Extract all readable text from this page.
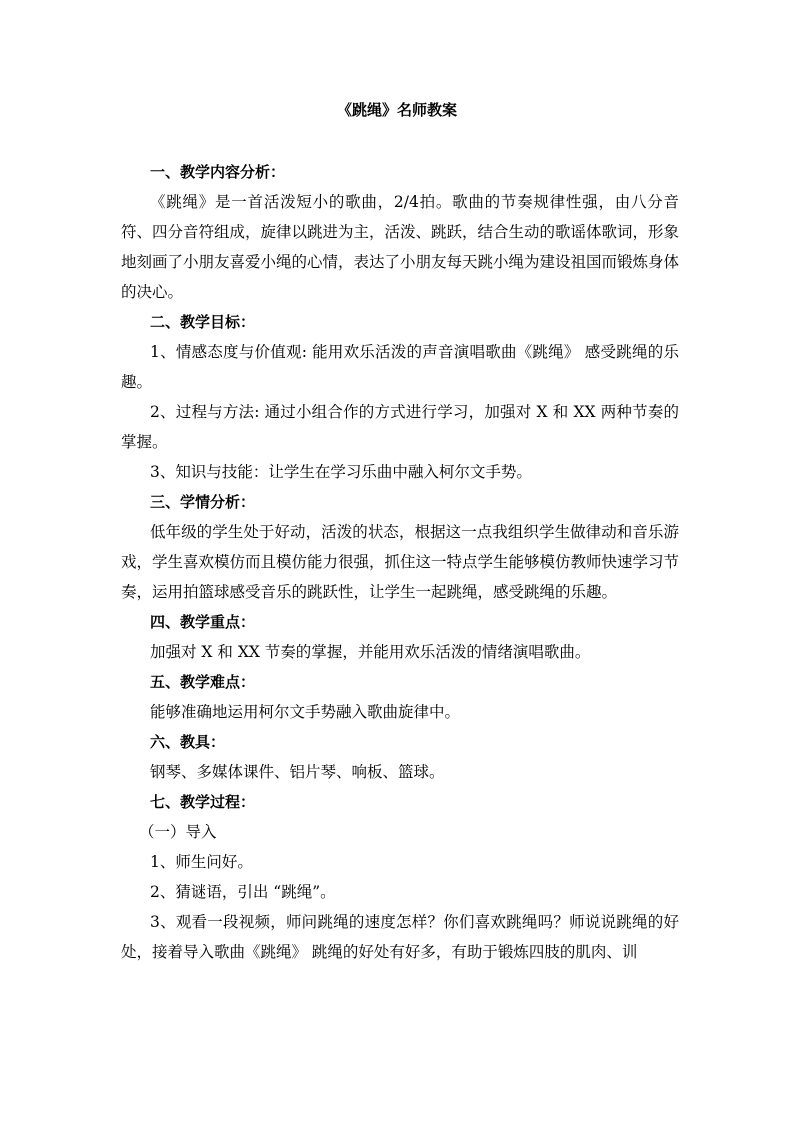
《跳绳》名师教案

一、教学内容分析：

《跳绳》是一首活泼短小的歌曲，2/4拍。歌曲的节奏规律性强，由八分音符、四分音符组成，旋律以跳进为主，活泼、跳跃，结合生动的歌谣体歌词，形象地刻画了小朋友喜爱小绳的心情，表达了小朋友每天跳小绳为建设祖国而锻炼身体的决心。

二、教学目标：

1、情感态度与价值观: 能用欢乐活泼的声音演唱歌曲《跳绳》 感受跳绳的乐趣。

2、过程与方法: 通过小组合作的方式进行学习，加强对 X 和 XX 两种节奏的掌握。

3、知识与技能：让学生在学习乐曲中融入柯尔文手势。

三、学情分析：

低年级的学生处于好动，活泼的状态，根据这一点我组织学生做律动和音乐游戏，学生喜欢模仿而且模仿能力很强，抓住这一特点学生能够模仿教师快速学习节奏，运用拍篮球感受音乐的跳跃性，让学生一起跳绳，感受跳绳的乐趣。

四、教学重点：

加强对 X 和 XX 节奏的掌握，并能用欢乐活泼的情绪演唱歌曲。

五、教学难点：

能够准确地运用柯尔文手势融入歌曲旋律中。

六、教具：

钢琴、多媒体课件、铝片琴、响板、篮球。

七、教学过程：

（一）导入

1、师生问好。

2、猜谜语，引出 “跳绳”。

3、观看一段视频，师问跳绳的速度怎样？你们喜欢跳绳吗？师说说跳绳的好处，接着导入歌曲《跳绳》 跳绳的好处有好多，有助于锻炼四肢的肌肉、训
